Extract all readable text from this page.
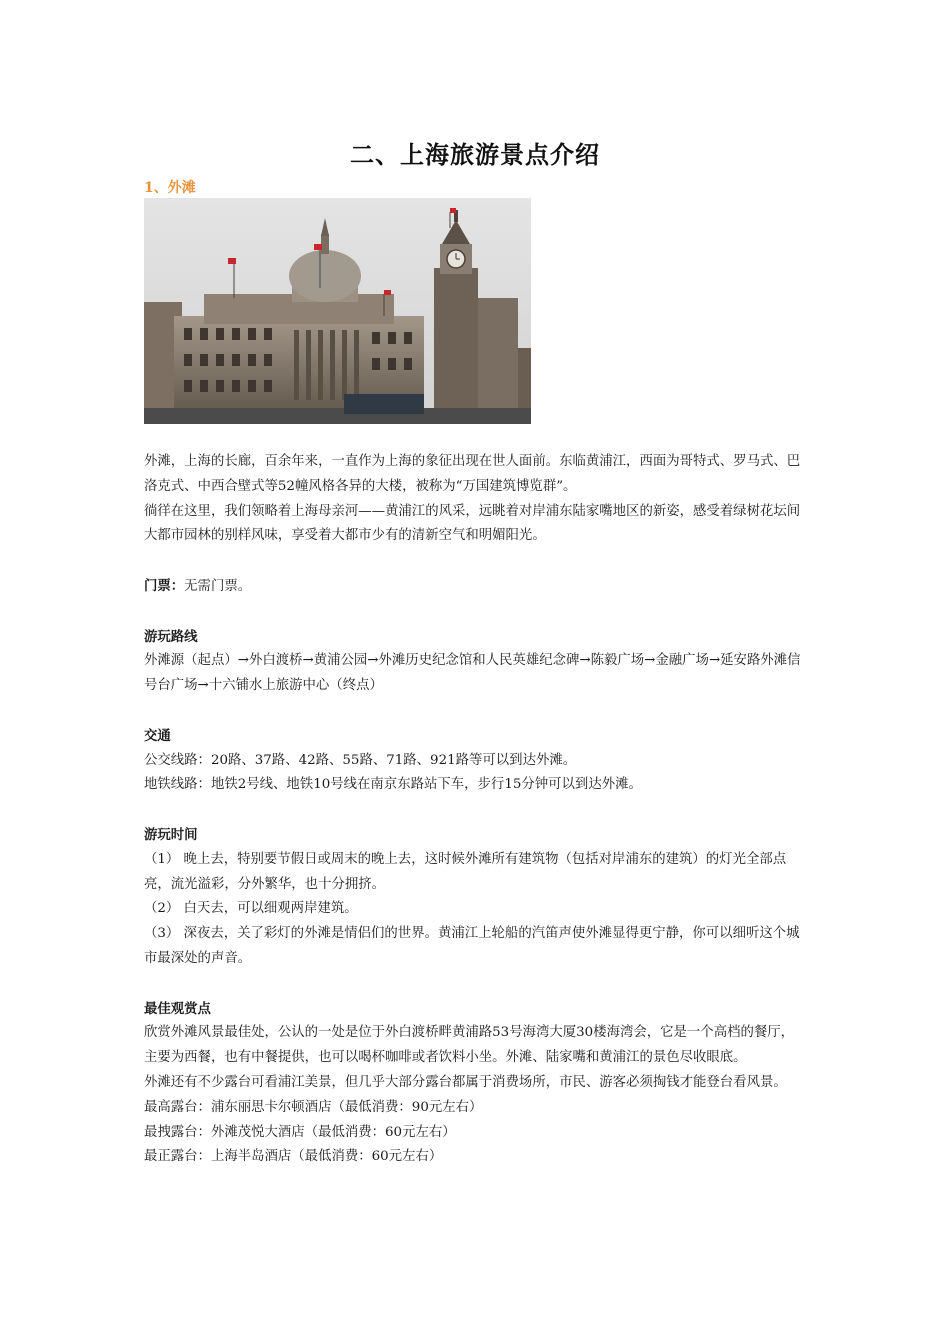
二、上海旅游景点介绍
1、外滩

外滩，上海的长廊，百余年来，一直作为上海的象征出现在世人面前。东临黄浦江，西面为哥特式、罗马式、巴洛克式、中西合壁式等52幢风格各异的大楼，被称为“万国建筑博览群”。

徜徉在这里，我们领略着上海母亲河——黄浦江的风采，远眺着对岸浦东陆家嘴地区的新姿，感受着绿树花坛间大都市园林的别样风味，享受着大都市少有的清新空气和明媚阳光。

门票：无需门票。

游玩路线

外滩源（起点）→外白渡桥→黄浦公园→外滩历史纪念馆和人民英雄纪念碑→陈毅广场→金融广场→延安路外滩信号台广场→十六铺水上旅游中心（终点）

交通

公交线路：20路、37路、42路、55路、71路、921路等可以到达外滩。

地铁线路：地铁2号线、地铁10号线在南京东路站下车，步行15分钟可以到达外滩。

游玩时间

（1） 晚上去，特别要节假日或周末的晚上去，这时候外滩所有建筑物（包括对岸浦东的建筑）的灯光全部点亮，流光溢彩，分外繁华，也十分拥挤。

（2） 白天去，可以细观两岸建筑。

（3） 深夜去，关了彩灯的外滩是情侣们的世界。黄浦江上轮船的汽笛声使外滩显得更宁静，你可以细听这个城市最深处的声音。

最佳观赏点

欣赏外滩风景最佳处，公认的一处是位于外白渡桥畔黄浦路53号海湾大厦30楼海湾会，它是一个高档的餐厅，主要为西餐，也有中餐提供，也可以喝杯咖啡或者饮料小坐。外滩、陆家嘴和黄浦江的景色尽收眼底。

外滩还有不少露台可看浦江美景，但几乎大部分露台都属于消费场所，市民、游客必须掏钱才能登台看风景。

最高露台：浦东丽思卡尔顿酒店（最低消费：90元左右）

最拽露台：外滩茂悦大酒店（最低消费：60元左右）

最正露台：上海半岛酒店（最低消费：60元左右）
